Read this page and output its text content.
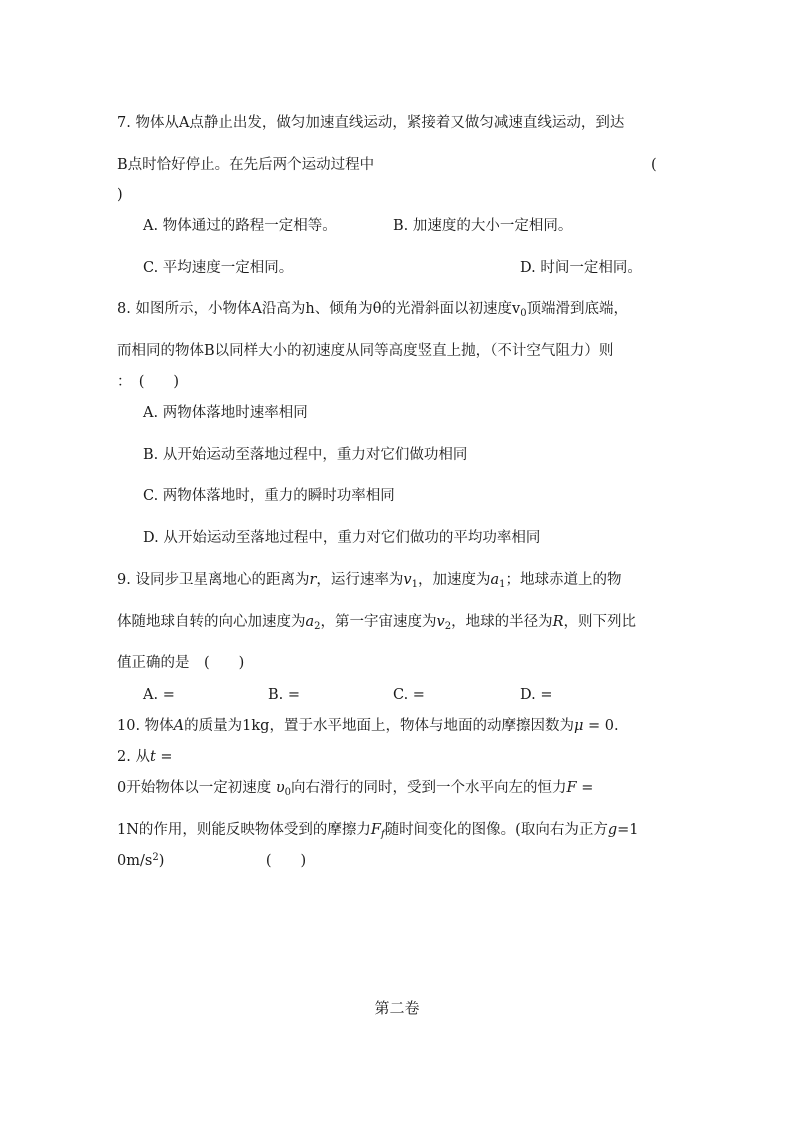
7. 物体从A点静止出发，做匀加速直线运动，紧接着又做匀减速直线运动，到达
B点时恰好停止。在先后两个运动过程中	(
)
A. 物体通过的路程一定相等。	B. 加速度的大小一定相同。
C. 平均速度一定相同。	D. 时间一定相同。
8. 如图所示，小物体A沿高为h、倾角为θ的光滑斜面以初速度$v_0$顶端滑到底端，
而相同的物体B以同样大小的初速度从同等高度竖直上抛，（不计空气阻力）则
：　(　　)
A. 两物体落地时速率相同
B. 从开始运动至落地过程中，重力对它们做功相同
C. 两物体落地时，重力的瞬时功率相同
D. 从开始运动至落地过程中，重力对它们做功的平均功率相同
9. 设同步卫星离地心的距离为r，运行速率为$v_1$，加速度为$a_1$；地球赤道上的物
体随地球自转的向心加速度为$a_2$，第一宇宙速度为$v_2$，地球的半径为R，则下列比
值正确的是　(　　)
A. =	B. =	C. =	D. =
10. 物体A的质量为1kg，置于水平地面上，物体与地面的动摩擦因数为μ = 0.
2. 从t =
0开始物体以一定初速度 $\upsilon_0$向右滑行的同时，受到一个水平向左的恒力F =
1N的作用，则能反映物体受到的摩擦力$F_f$随时间变化的图像。(取向右为正方g=1
$0m/s^2$)　　　　　　　(　　)
第二卷
